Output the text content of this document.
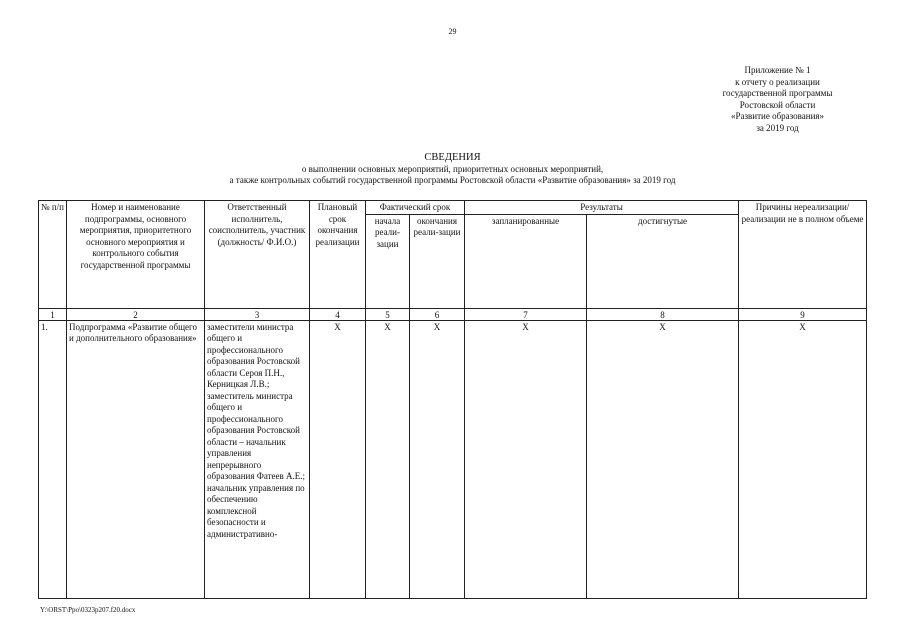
29
Приложение № 1
к отчету о реализации
государственной программы
Ростовской области
«Развитие образования»
за 2019 год
СВЕДЕНИЯ
о выполнении основных мероприятий, приоритетных основных мероприятий,
а также контрольных событий государственной программы Ростовской области «Развитие образования» за 2019 год
№ п/п	Номер и наименование подпрограммы, основного мероприятия, приоритетного основного мероприятия и контрольного события государственной программы	Ответственный исполнитель, соисполнитель, участник (должность/ Ф.И.О.)	Плановый срок окончания реализации	Фактический срок		Результаты		Причины нереализации/ реализации не в полном объеме
				начала реали-зации	окончания реали-зации	запланированные	достигнутые	
1	2	3	4	5	6	7	8	9
1.	Подпрограмма «Развитие общего и дополнительного образования»	заместители министра общего и профессионального образования Ростовской области Сероя П.Н., Керницкая Л.В.; заместитель министра общего и профессионального образования Ростовской области – начальник управления непрерывного образования Фатеев А.Е.; начальник управления по обеспечению комплексной безопасности и административно-	X	X	X	X	X	X
Y:\ORST\Ppo\0323p207.f20.docx
